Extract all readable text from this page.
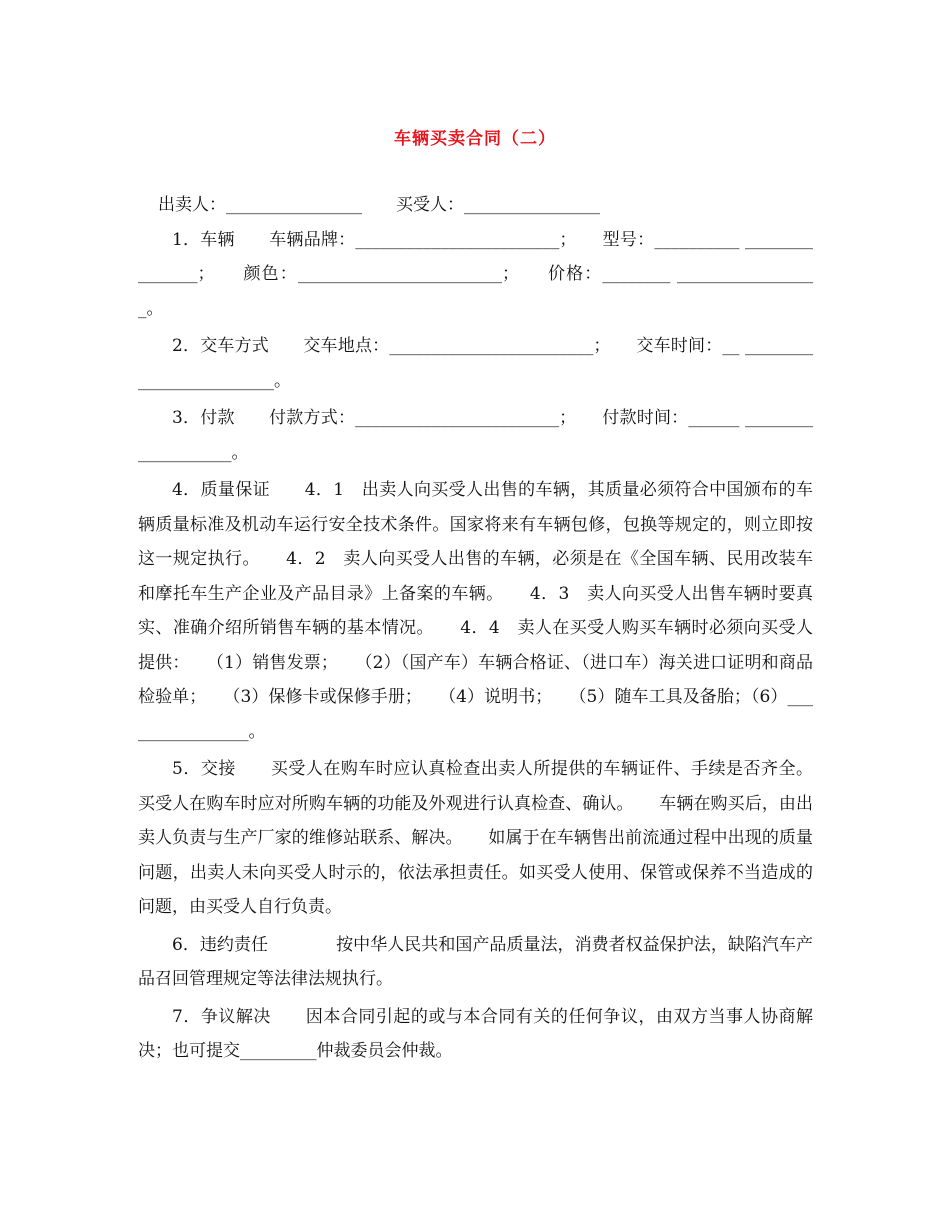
车辆买卖合同（二）
出卖人：________________　　买受人：________________

1．车辆　　车辆品牌：________________________；　　型号：__________ _______________；　　颜色：________________________；　　价格：________ _________________。

2．交车方式　　交车地点：________________________；　　交车时间：__ ________________________。

3．付款　　付款方式：________________________；　　付款时间：______ ___________________。

4．质量保证　　4．1　出卖人向买受人出售的车辆，其质量必须符合中国颁布的车辆质量标准及机动车运行安全技术条件。国家将来有车辆包修，包换等规定的，则立即按这一规定执行。　　4．2　卖人向买受人出售的车辆，必须是在《全国车辆、民用改装车和摩托车生产企业及产品目录》上备案的车辆。　　4．3　卖人向买受人出售车辆时要真实、准确介绍所销售车辆的基本情况。　　4．4　卖人在买受人购买车辆时必须向买受人提供：　　（1）销售发票；　　（2）（国产车）车辆合格证、（进口车）海关进口证明和商品检验单；　　（3）保修卡或保修手册；　　（4）说明书；　　（5）随车工具及备胎；（6）________________。

5．交接　　买受人在购车时应认真检查出卖人所提供的车辆证件、手续是否齐全。 买受人在购车时应对所购车辆的功能及外观进行认真检查、确认。　　车辆在购买后，由出卖人负责与生产厂家的维修站联系、解决。　　如属于在车辆售出前流通过程中出现的质量问题，出卖人未向买受人时示的，依法承担责任。如买受人使用、保管或保养不当造成的问题，由买受人自行负责。

6．违约责任　　　　按中华人民共和国产品质量法，消费者权益保护法，缺陷汽车产品召回管理规定等法律法规执行。

7．争议解决　　因本合同引起的或与本合同有关的任何争议，由双方当事人协商解决；也可提交_________仲裁委员会仲裁。
